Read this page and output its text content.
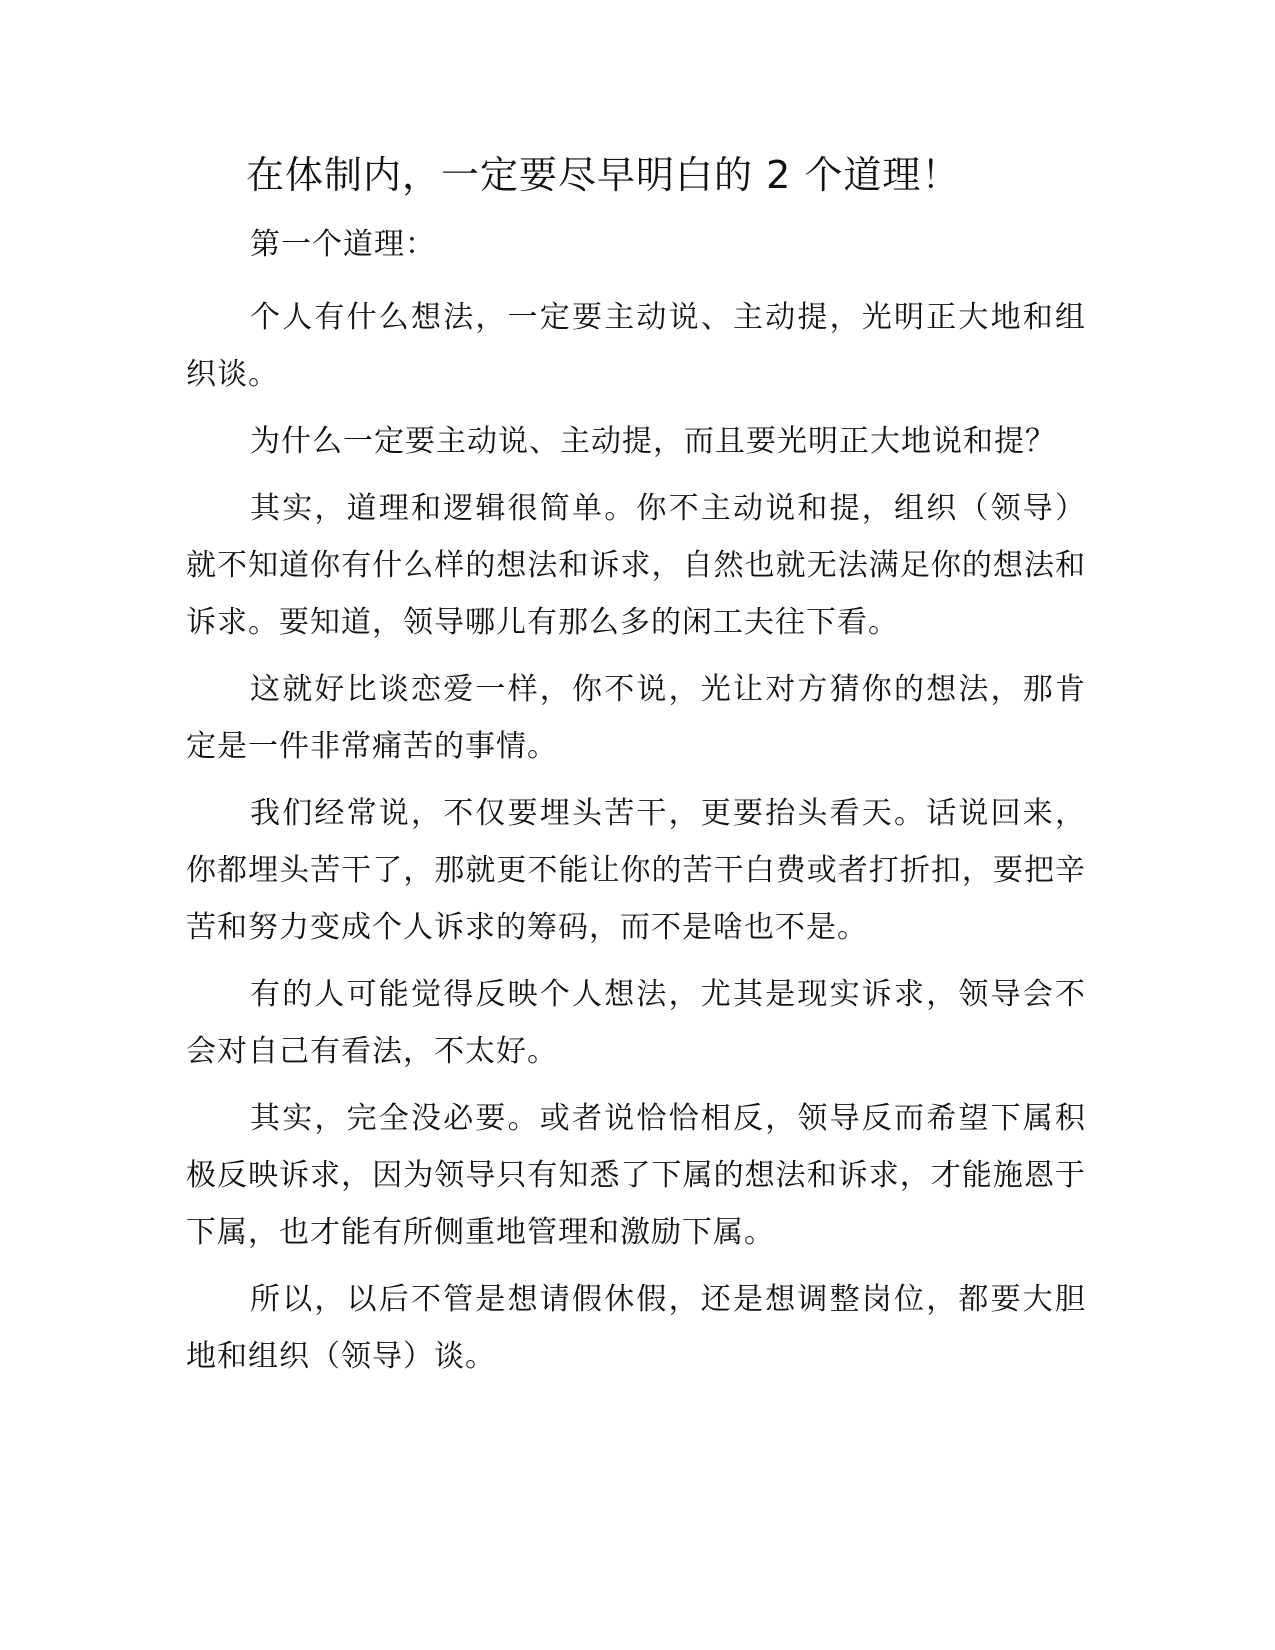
在体制内，一定要尽早明白的 2 个道理！

第一个道理：

个人有什么想法，一定要主动说、主动提，光明正大地和组织谈。

为什么一定要主动说、主动提，而且要光明正大地说和提？

其实，道理和逻辑很简单。你不主动说和提，组织（领导）就不知道你有什么样的想法和诉求，自然也就无法满足你的想法和诉求。要知道，领导哪儿有那么多的闲工夫往下看。

这就好比谈恋爱一样，你不说，光让对方猜你的想法，那肯定是一件非常痛苦的事情。

我们经常说，不仅要埋头苦干，更要抬头看天。话说回来，你都埋头苦干了，那就更不能让你的苦干白费或者打折扣，要把辛苦和努力变成个人诉求的筹码，而不是啥也不是。

有的人可能觉得反映个人想法，尤其是现实诉求，领导会不会对自己有看法，不太好。

其实，完全没必要。或者说恰恰相反，领导反而希望下属积极反映诉求，因为领导只有知悉了下属的想法和诉求，才能施恩于下属，也才能有所侧重地管理和激励下属。

所以，以后不管是想请假休假，还是想调整岗位，都要大胆地和组织（领导）谈。
